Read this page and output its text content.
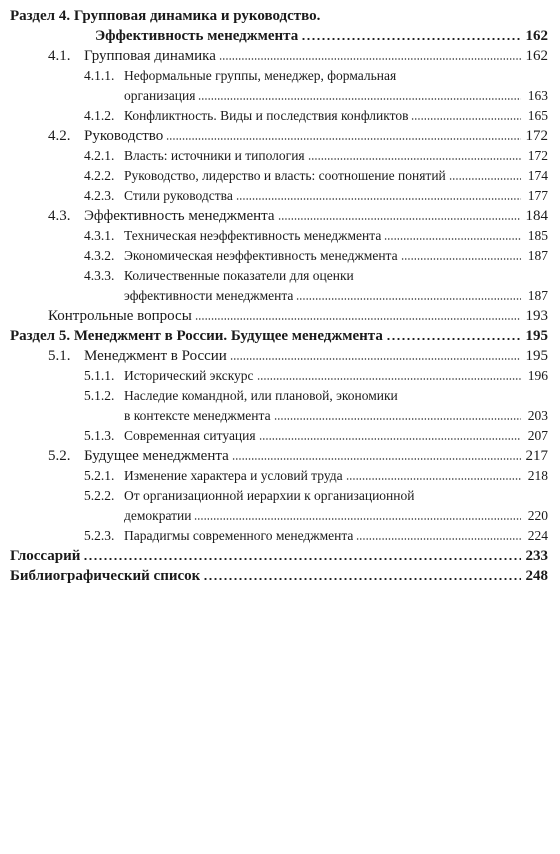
Раздел 4. Групповая динамика и руководство.
Эффективность менеджмента	162
4.1. Групповая динамика	162
4.1.1. Неформальные группы, менеджер, формальная
организация	163
4.1.2. Конфликтность. Виды и последствия конфликтов	165
4.2. Руководство	172
4.2.1. Власть: источники и типология	172
4.2.2. Руководство, лидерство и власть: соотношение понятий	174
4.2.3. Стили руководства	177
4.3. Эффективность менеджмента	184
4.3.1. Техническая неэффективность менеджмента	185
4.3.2. Экономическая неэффективность менеджмента	187
4.3.3. Количественные показатели для оценки
эффективности менеджмента	187
Контрольные вопросы	193
Раздел 5. Менеджмент в России. Будущее менеджмента	195
5.1. Менеджмент в России	195
5.1.1. Исторический экскурс	196
5.1.2. Наследие командной, или плановой, экономики
в контексте менеджмента	203
5.1.3. Современная ситуация	207
5.2. Будущее менеджмента	217
5.2.1. Изменение характера и условий труда	218
5.2.2. От организационной иерархии к организационной
демократии	220
5.2.3. Парадигмы современного менеджмента	224
Глоссарий	233
Библиографический список	248
